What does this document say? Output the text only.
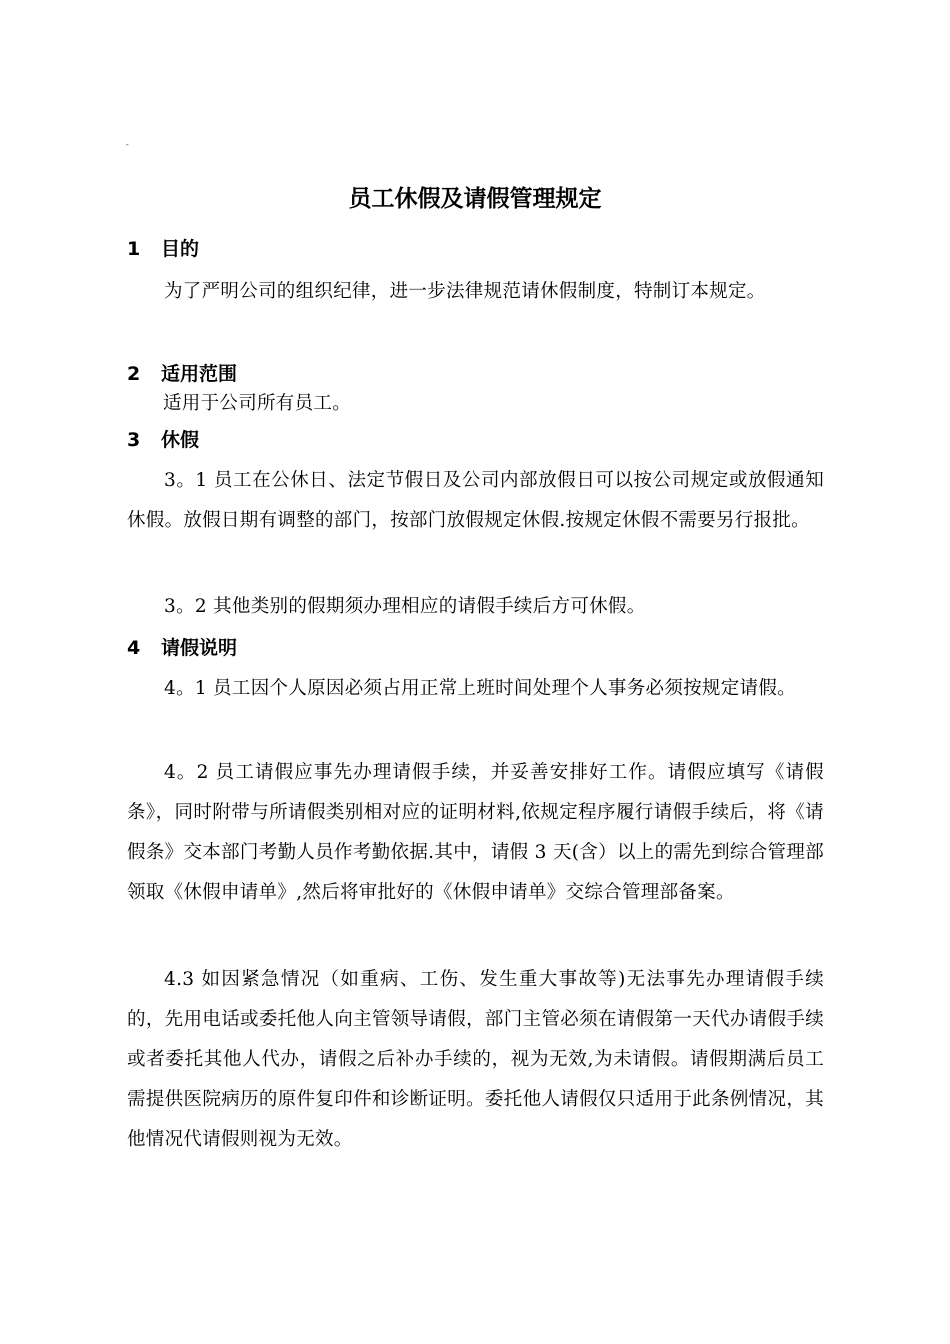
-
员工休假及请假管理规定
1 目的

为了严明公司的组织纪律，进一步法律规范请休假制度，特制订本规定。

2 适用范围

适用于公司所有员工。

3 休假

3。1 员工在公休日、法定节假日及公司内部放假日可以按公司规定或放假通知休假。放假日期有调整的部门，按部门放假规定休假.按规定休假不需要另行报批。

3。2 其他类别的假期须办理相应的请假手续后方可休假。

4 请假说明

4。1 员工因个人原因必须占用正常上班时间处理个人事务必须按规定请假。

4。2 员工请假应事先办理请假手续，并妥善安排好工作。请假应填写《请假条》，同时附带与所请假类别相对应的证明材料,依规定程序履行请假手续后，将《请假条》交本部门考勤人员作考勤依据.其中，请假 3 天(含）以上的需先到综合管理部领取《休假申请单》,然后将审批好的《休假申请单》交综合管理部备案。

4.3 如因紧急情况（如重病、工伤、发生重大事故等)无法事先办理请假手续的，先用电话或委托他人向主管领导请假，部门主管必须在请假第一天代办请假手续或者委托其他人代办，请假之后补办手续的，视为无效,为未请假。请假期满后员工需提供医院病历的原件复印件和诊断证明。委托他人请假仅只适用于此条例情况，其他情况代请假则视为无效。
